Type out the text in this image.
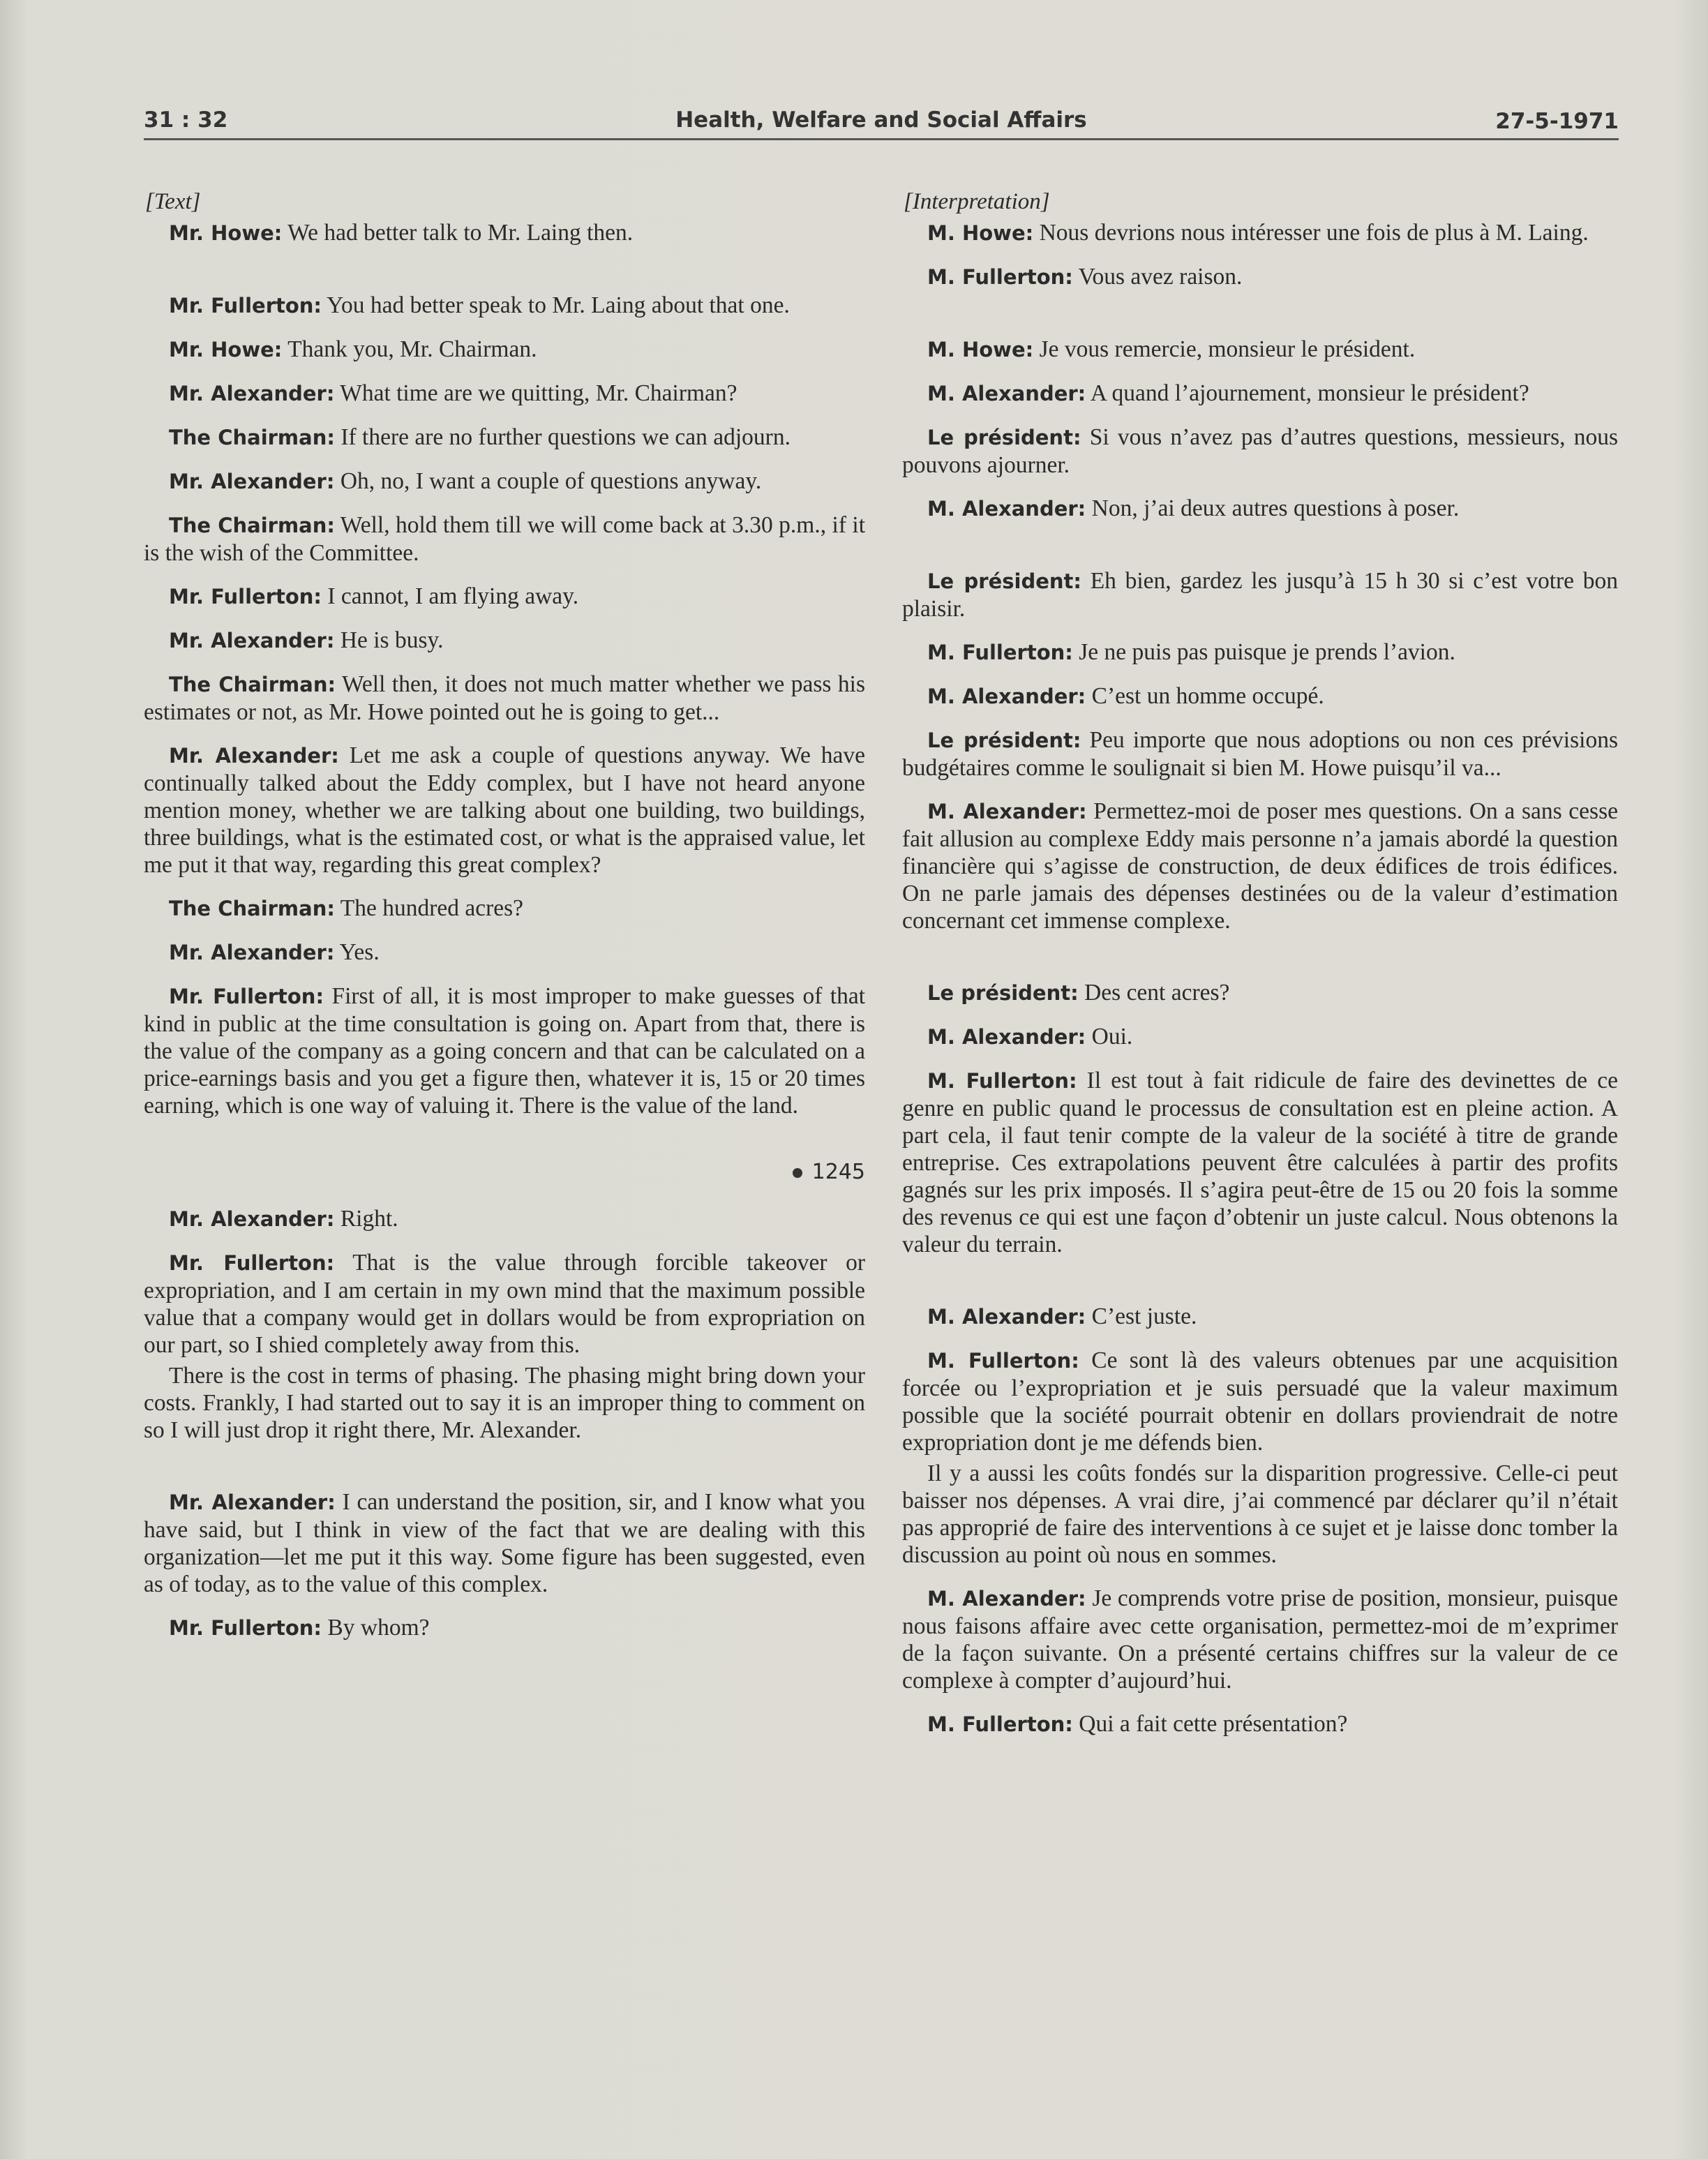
31 : 32	Health, Welfare and Social Affairs	27-5-1971
[Text]

Mr. Howe: We had better talk to Mr. Laing then.

Mr. Fullerton: You had better speak to Mr. Laing about that one.

Mr. Howe: Thank you, Mr. Chairman.

Mr. Alexander: What time are we quitting, Mr. Chairman?

The Chairman: If there are no further questions we can adjourn.

Mr. Alexander: Oh, no, I want a couple of questions anyway.

The Chairman: Well, hold them till we will come back at 3.30 p.m., if it is the wish of the Committee.

Mr. Fullerton: I cannot, I am flying away.

Mr. Alexander: He is busy.

The Chairman: Well then, it does not much matter whether we pass his estimates or not, as Mr. Howe pointed out he is going to get...

Mr. Alexander: Let me ask a couple of questions anyway. We have continually talked about the Eddy complex, but I have not heard anyone mention money, whether we are talking about one building, two buildings, three buildings, what is the estimated cost, or what is the appraised value, let me put it that way, regarding this great complex?

The Chairman: The hundred acres?

Mr. Alexander: Yes.

Mr. Fullerton: First of all, it is most improper to make guesses of that kind in public at the time consultation is going on. Apart from that, there is the value of the company as a going concern and that can be calculated on a price-earnings basis and you get a figure then, whatever it is, 15 or 20 times earning, which is one way of valuing it. There is the value of the land.

1245

Mr. Alexander: Right.

Mr. Fullerton: That is the value through forcible takeover or expropriation, and I am certain in my own mind that the maximum possible value that a company would get in dollars would be from expropriation on our part, so I shied completely away from this.

There is the cost in terms of phasing. The phasing might bring down your costs. Frankly, I had started out to say it is an improper thing to comment on so I will just drop it right there, Mr. Alexander.

Mr. Alexander: I can understand the position, sir, and I know what you have said, but I think in view of the fact that we are dealing with this organization—let me put it this way. Some figure has been suggested, even as of today, as to the value of this complex.

Mr. Fullerton: By whom?

[Interpretation]

M. Howe: Nous devrions nous intéresser une fois de plus à M. Laing.

M. Fullerton: Vous avez raison.

M. Howe: Je vous remercie, monsieur le président.

M. Alexander: A quand l’ajournement, monsieur le président?

Le président: Si vous n’avez pas d’autres questions, messieurs, nous pouvons ajourner.

M. Alexander: Non, j’ai deux autres questions à poser.

Le président: Eh bien, gardez les jusqu’à 15 h 30 si c’est votre bon plaisir.

M. Fullerton: Je ne puis pas puisque je prends l’avion.

M. Alexander: C’est un homme occupé.

Le président: Peu importe que nous adoptions ou non ces prévisions budgétaires comme le soulignait si bien M. Howe puisqu’il va...

M. Alexander: Permettez-moi de poser mes questions. On a sans cesse fait allusion au complexe Eddy mais personne n’a jamais abordé la question financière qui s’agisse de construction, de deux édifices de trois édifices. On ne parle jamais des dépenses destinées ou de la valeur d’estimation concernant cet immense complexe.

Le président: Des cent acres?

M. Alexander: Oui.

M. Fullerton: Il est tout à fait ridicule de faire des devinettes de ce genre en public quand le processus de consultation est en pleine action. A part cela, il faut tenir compte de la valeur de la société à titre de grande entreprise. Ces extrapolations peuvent être calculées à partir des profits gagnés sur les prix imposés. Il s’agira peut-être de 15 ou 20 fois la somme des revenus ce qui est une façon d’obtenir un juste calcul. Nous obtenons la valeur du terrain.

M. Alexander: C’est juste.

M. Fullerton: Ce sont là des valeurs obtenues par une acquisition forcée ou l’expropriation et je suis persuadé que la valeur maximum possible que la société pourrait obtenir en dollars proviendrait de notre expropriation dont je me défends bien.

Il y a aussi les coûts fondés sur la disparition progressive. Celle-ci peut baisser nos dépenses. A vrai dire, j’ai commencé par déclarer qu’il n’était pas approprié de faire des interventions à ce sujet et je laisse donc tomber la discussion au point où nous en sommes.

M. Alexander: Je comprends votre prise de position, monsieur, puisque nous faisons affaire avec cette organisation, permettez-moi de m’exprimer de la façon suivante. On a présenté certains chiffres sur la valeur de ce complexe à compter d’aujourd’hui.

M. Fullerton: Qui a fait cette présentation?
